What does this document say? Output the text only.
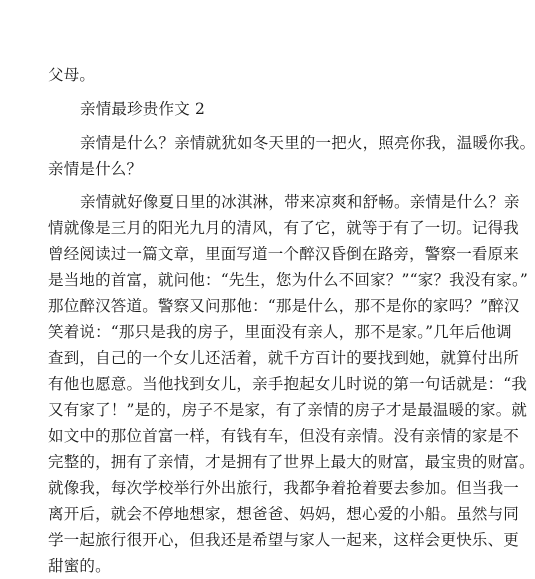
父母。
亲情最珍贵作文 2
亲情是什么？亲情就犹如冬天里的一把火，照亮你我，温暖你我。
亲情是什么？
亲情就好像夏日里的冰淇淋，带来凉爽和舒畅。亲情是什么？亲
情就像是三月的阳光九月的清风，有了它，就等于有了一切。记得我
曾经阅读过一篇文章，里面写道一个醉汉昏倒在路旁，警察一看原来
是当地的首富，就问他：“先生，您为什么不回家？”“家？我没有家。”
那位醉汉答道。警察又问那他：“那是什么，那不是你的家吗？”醉汉
笑着说：“那只是我的房子，里面没有亲人，那不是家。”几年后他调
查到，自己的一个女儿还活着，就千方百计的要找到她，就算付出所
有他也愿意。当他找到女儿，亲手抱起女儿时说的第一句话就是：“我
又有家了！”是的，房子不是家，有了亲情的房子才是最温暖的家。就
如文中的那位首富一样，有钱有车，但没有亲情。没有亲情的家是不
完整的，拥有了亲情，才是拥有了世界上最大的财富，最宝贵的财富。
就像我，每次学校举行外出旅行，我都争着抢着要去参加。但当我一
离开后，就会不停地想家，想爸爸、妈妈，想心爱的小船。虽然与同
学一起旅行很开心，但我还是希望与家人一起来，这样会更快乐、更
甜蜜的。
